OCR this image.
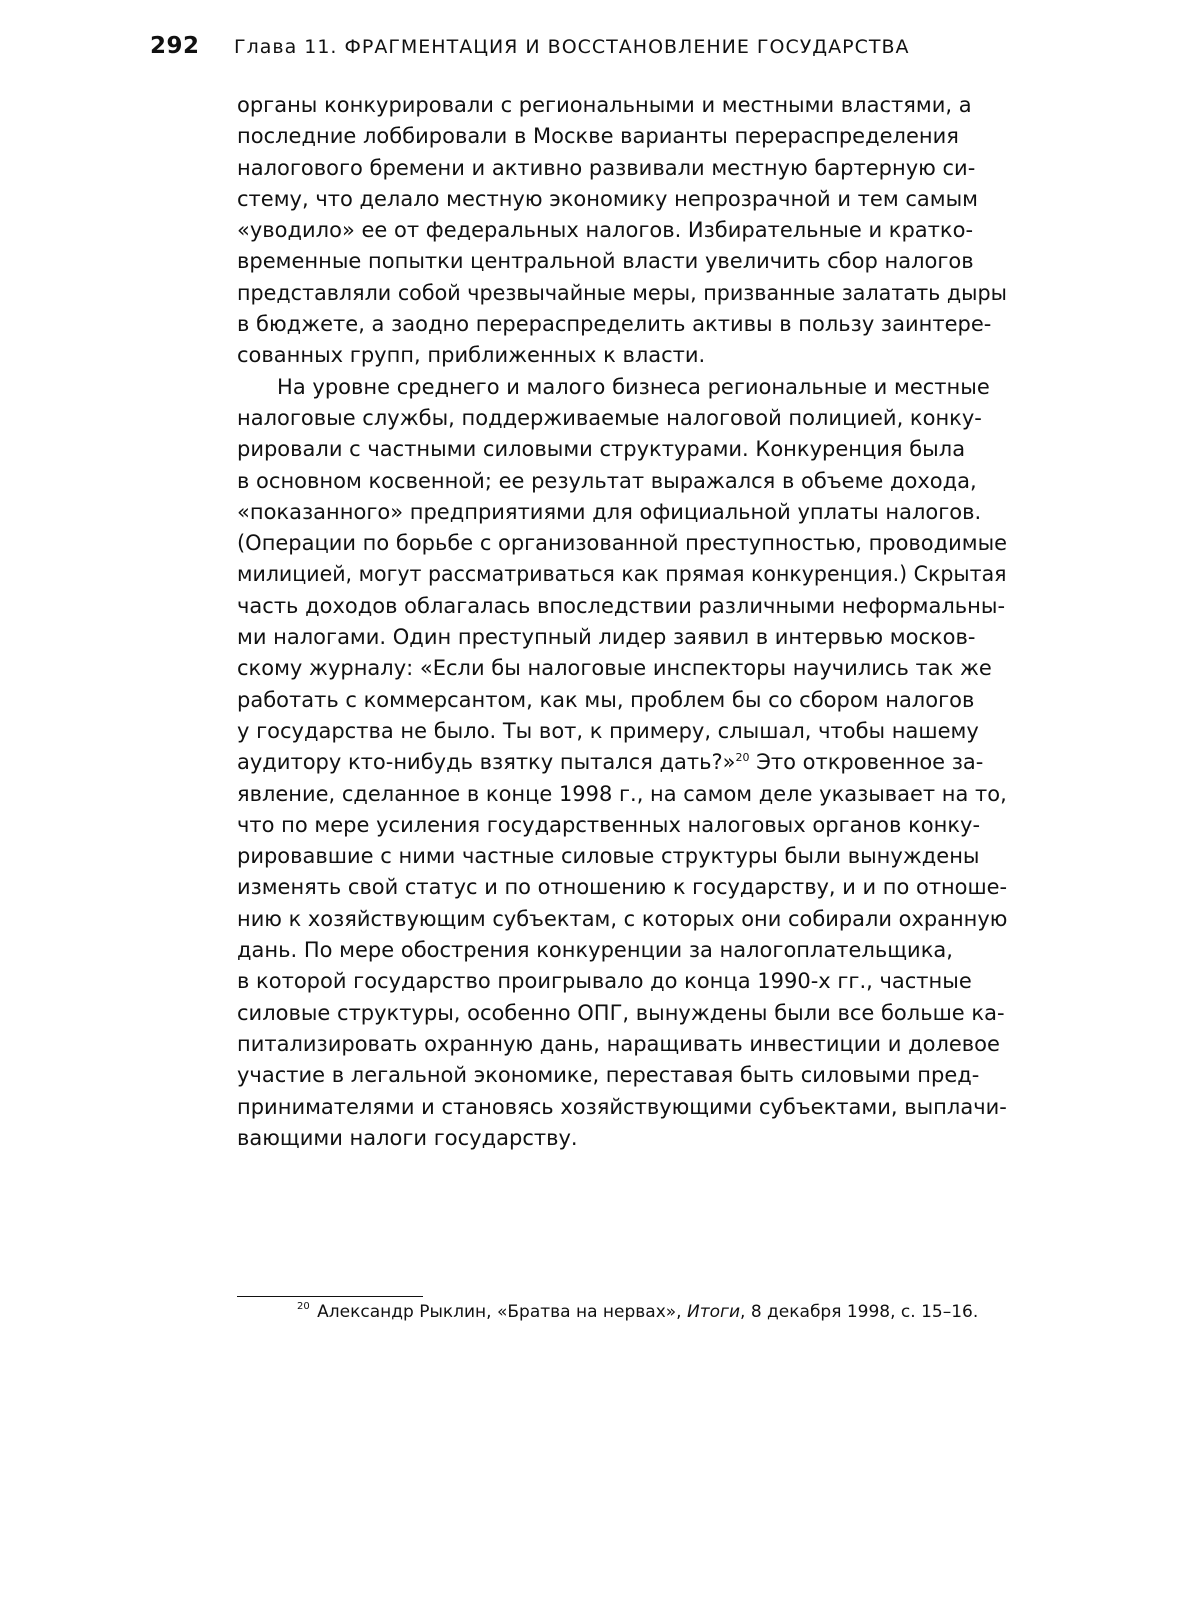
292 Глава 11. ФРАГМЕНТАЦИЯ И ВОССТАНОВЛЕНИЕ ГОСУДАРСТВА
органы конкурировали с региональными и местными властями, а
последние лоббировали в Москве варианты перераспределения
налогового бремени и активно развивали местную бартерную си-
стему, что делало местную экономику непрозрачной и тем самым
«уводило» ее от федеральных налогов. Избирательные и кратко-
временные попытки центральной власти увеличить сбор налогов
представляли собой чрезвычайные меры, призванные залатать дыры
в бюджете, а заодно перераспределить активы в пользу заинтере-
сованных групп, приближенных к власти.
На уровне среднего и малого бизнеса региональные и местные
налоговые службы, поддерживаемые налоговой полицией, конку-
рировали с частными силовыми структурами. Конкуренция была
в основном косвенной; ее результат выражался в объеме дохода,
«показанного» предприятиями для официальной уплаты налогов.
(Операции по борьбе с организованной преступностью, проводимые
милицией, могут рассматриваться как прямая конкуренция.) Скрытая
часть доходов облагалась впоследствии различными неформальны-
ми налогами. Один преступный лидер заявил в интервью москов-
скому журналу: «Если бы налоговые инспекторы научились так же
работать с коммерсантом, как мы, проблем бы со сбором налогов
у государства не было. Ты вот, к примеру, слышал, чтобы нашему
аудитору кто-нибудь взятку пытался дать?»$^{20}$ Это откровенное за-
явление, сделанное в конце 1998 г., на самом деле указывает на то,
что по мере усиления государственных налоговых органов конку-
рировавшие с ними частные силовые структуры были вынуждены
изменять свой статус и по отношению к государству, и и по отноше-
нию к хозяйствующим субъектам, с которых они собирали охранную
дань. По мере обострения конкуренции за налогоплательщика,
в которой государство проигрывало до конца 1990-х гг., частные
силовые структуры, особенно ОПГ, вынуждены были все больше ка-
питализировать охранную дань, наращивать инвестиции и долевое
участие в легальной экономике, переставая быть силовыми пред-
принимателями и становясь хозяйствующими субъектами, выплачи-
вающими налоги государству.
$^{20}$ Александр Рыклин, «Братва на нервах», Итоги, 8 декабря 1998, с. 15–16.
